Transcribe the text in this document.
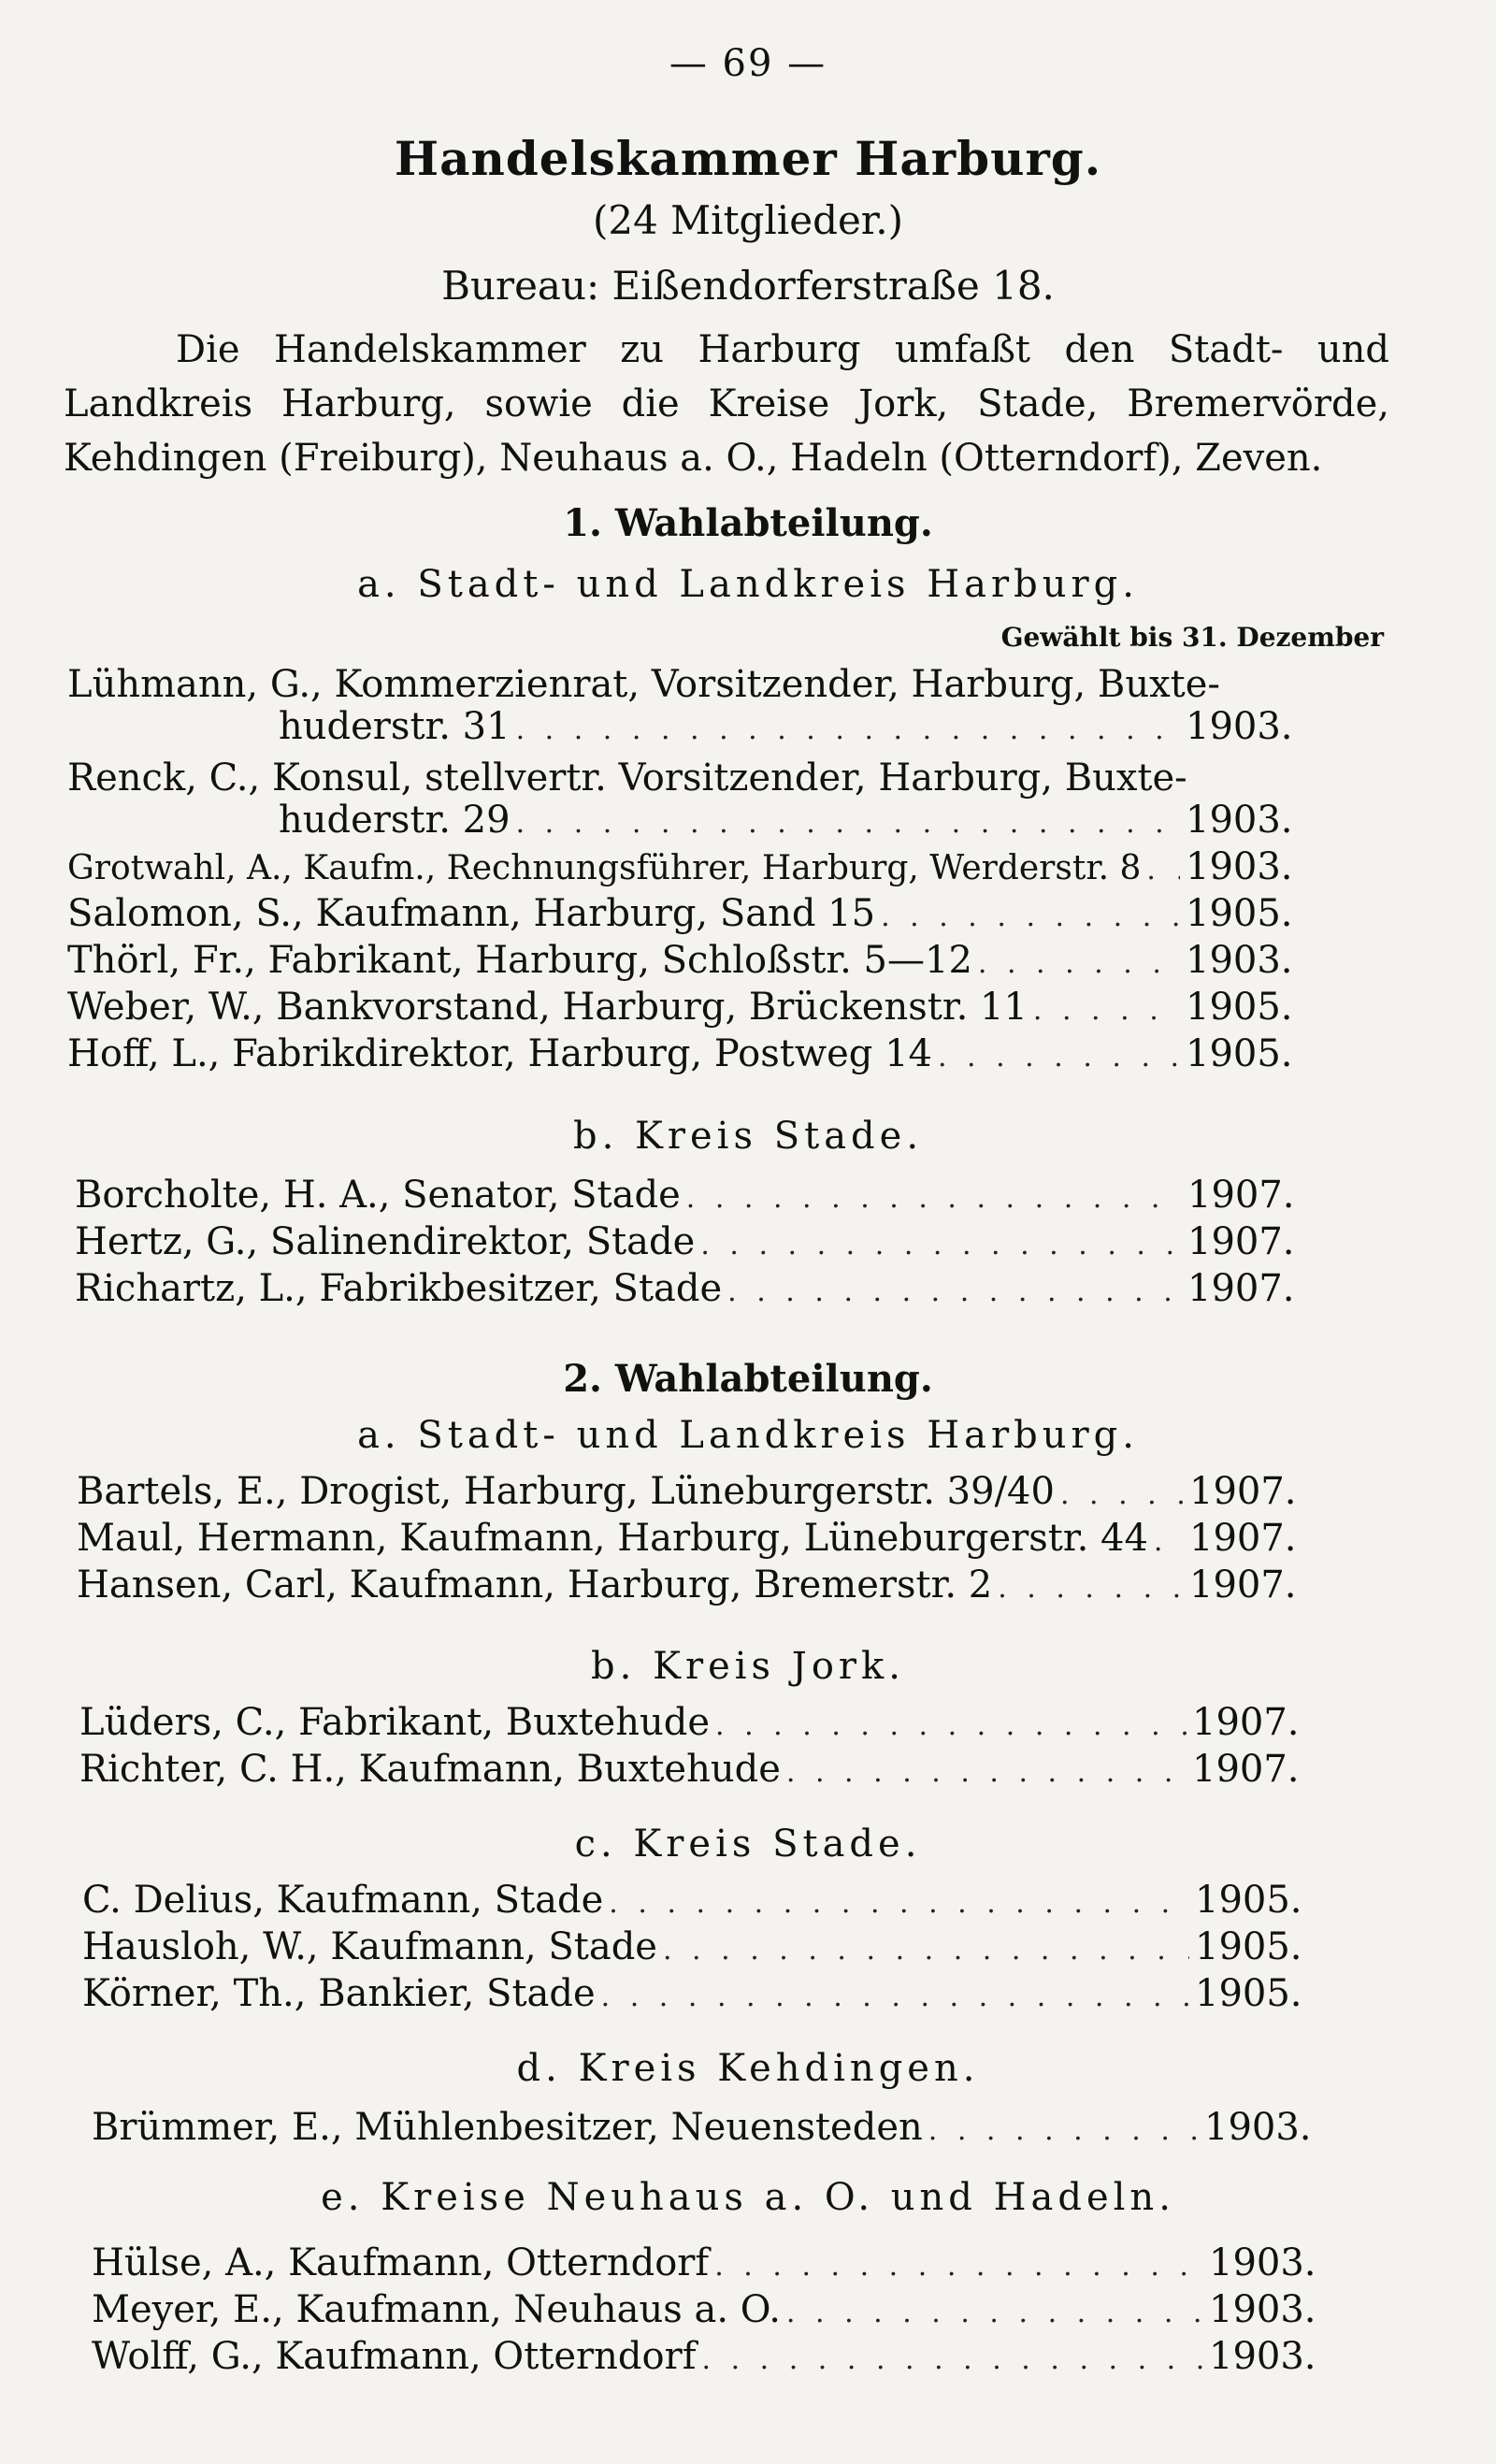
— 69 —
Handelskammer Harburg.
(24 Mitglieder.)
Bureau: Eißendorferstraße 18.
Die Handelskammer zu Harburg umfaßt den Stadt- und Landkreis Harburg, sowie die Kreise Jork, Stade, Bremervörde, Kehdingen (Freiburg), Neuhaus a. O., Hadeln (Otterndorf), Zeven.
1. Wahlabteilung.
a. Stadt- und Landkreis Harburg.
Gewählt bis 31. Dezember
Lühmann, G., Kommerzienrat, Vorsitzender, Harburg, Buxte-
huderstr. 31 . . .	1903.
Renck, C., Konsul, stellvertr. Vorsitzender, Harburg, Buxte-
huderstr. 29 . . .	1903.
Grotwahl, A., Kaufm., Rechnungsführer, Harburg, Werderstr. 8 . . . 1903.
Salomon, S., Kaufmann, Harburg, Sand 15 . . .	1905.
Thörl, Fr., Fabrikant, Harburg, Schloßstr. 5—12 . . .	1903.
Weber, W., Bankvorstand, Harburg, Brückenstr. 11 . . .	1905.
Hoff, L., Fabrikdirektor, Harburg, Postweg 14 . . .	1905.
b. Kreis Stade.
Borcholte, H. A., Senator, Stade . . .	1907.
Hertz, G., Salinendirektor, Stade . . .	1907.
Richartz, L., Fabrikbesitzer, Stade . . .	1907.
2. Wahlabteilung.
a. Stadt- und Landkreis Harburg.
Bartels, E., Drogist, Harburg, Lüneburgerstr. 39/40 . . .	1907.
Maul, Hermann, Kaufmann, Harburg, Lüneburgerstr. 44 . . . 1907.
Hansen, Carl, Kaufmann, Harburg, Bremerstr. 2 . . .	1907.
b. Kreis Jork.
Lüders, C., Fabrikant, Buxtehude . . .	1907.
Richter, C. H., Kaufmann, Buxtehude . . .	1907.
c. Kreis Stade.
C. Delius, Kaufmann, Stade . . .	1905.
Hausloh, W., Kaufmann, Stade . . .	1905.
Körner, Th., Bankier, Stade . . .	1905.
d. Kreis Kehdingen.
Brümmer, E., Mühlenbesitzer, Neuensteden . . .	1903.
e. Kreise Neuhaus a. O. und Hadeln.
Hülse, A., Kaufmann, Otterndorf . . .	1903.
Meyer, E., Kaufmann, Neuhaus a. O. . . .	1903.
Wolff, G., Kaufmann, Otterndorf . . .	1903.
